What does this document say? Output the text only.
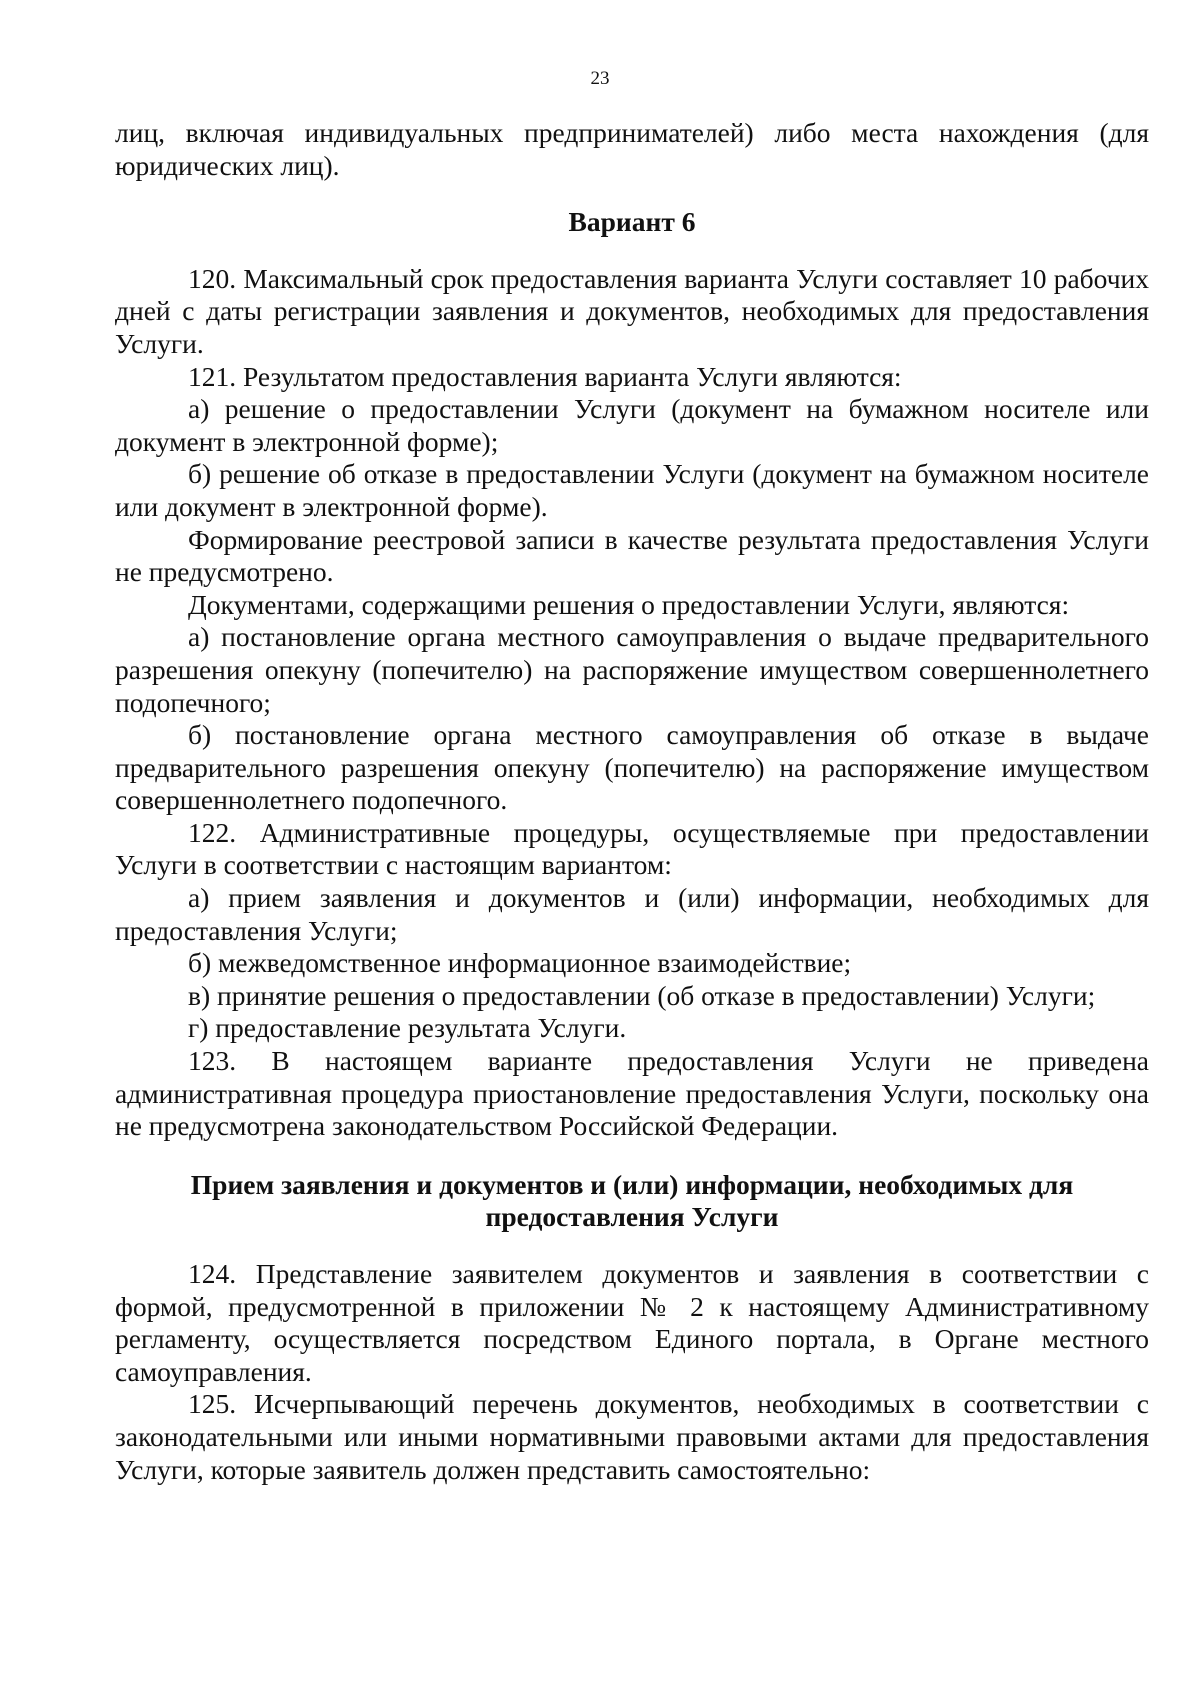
23

лиц, включая индивидуальных предпринимателей) либо места нахождения (для юридических лиц).

Вариант 6

120. Максимальный срок предоставления варианта Услуги составляет 10 рабочих дней с даты регистрации заявления и документов, необходимых для предоставления Услуги.

121. Результатом предоставления варианта Услуги являются:

а) решение о предоставлении Услуги (документ на бумажном носителе или документ в электронной форме);

б) решение об отказе в предоставлении Услуги (документ на бумажном носителе или документ в электронной форме).

Формирование реестровой записи в качестве результата предоставления Услуги не предусмотрено.

Документами, содержащими решения о предоставлении Услуги, являются:

а) постановление органа местного самоуправления о выдаче предварительного разрешения опекуну (попечителю) на распоряжение имуществом совершеннолетнего подопечного;

б) постановление органа местного самоуправления об отказе в выдаче предварительного разрешения опекуну (попечителю) на распоряжение имуществом совершеннолетнего подопечного.

122. Административные процедуры, осуществляемые при предоставлении Услуги в соответствии с настоящим вариантом:

а) прием заявления и документов и (или) информации, необходимых для предоставления Услуги;

б) межведомственное информационное взаимодействие;

в) принятие решения о предоставлении (об отказе в предоставлении) Услуги;

г) предоставление результата Услуги.

123. В настоящем варианте предоставления Услуги не приведена административная процедура приостановление предоставления Услуги, поскольку она не предусмотрена законодательством Российской Федерации.

Прием заявления и документов и (или) информации, необходимых для
предоставления Услуги

124. Представление заявителем документов и заявления в соответствии с формой, предусмотренной в приложении № 2 к настоящему Административному регламенту, осуществляется посредством Единого портала, в Органе местного самоуправления.

125. Исчерпывающий перечень документов, необходимых в соответствии с законодательными или иными нормативными правовыми актами для предоставления Услуги, которые заявитель должен представить самостоятельно:
